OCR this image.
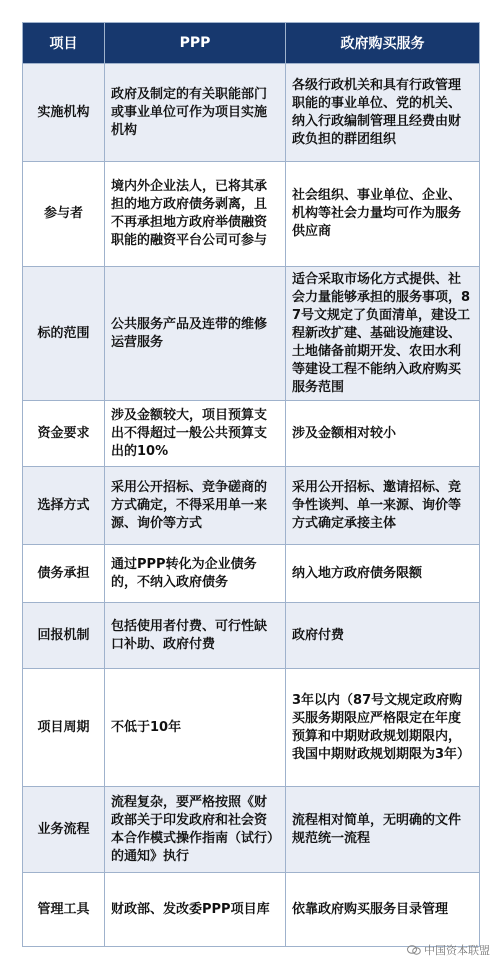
项目	PPP	政府购买服务
实施机构	政府及制定的有关职能部门或事业单位可作为项目实施机构	各级行政机关和具有行政管理职能的事业单位、党的机关、纳入行政编制管理且经费由财政负担的群团组织
参与者	境内外企业法人，已将其承担的地方政府债务剥离，且不再承担地方政府举债融资职能的融资平台公司可参与	社会组织、事业单位、企业、机构等社会力量均可作为服务供应商
标的范围	公共服务产品及连带的维修运营服务	适合采取市场化方式提供、社会力量能够承担的服务事项，87号文规定了负面清单，建设工程新改扩建、基础设施建设、土地储备前期开发、农田水利等建设工程不能纳入政府购买服务范围
资金要求	涉及金额较大，项目预算支出不得超过一般公共预算支出的10%	涉及金额相对较小
选择方式	采用公开招标、竞争磋商的方式确定，不得采用单一来源、询价等方式	采用公开招标、邀请招标、竞争性谈判、单一来源、询价等方式确定承接主体
债务承担	通过PPP转化为企业债务的，不纳入政府债务	纳入地方政府债务限额
回报机制	包括使用者付费、可行性缺口补助、政府付费	政府付费
项目周期	不低于10年	3年以内（87号文规定政府购买服务期限应严格限定在年度预算和中期财政规划期限内，我国中期财政规划期限为3年）
业务流程	流程复杂，要严格按照《财政部关于印发政府和社会资本合作模式操作指南（试行）的通知》执行	流程相对简单，无明确的文件规范统一流程
管理工具	财政部、发改委PPP项目库	依靠政府购买服务目录管理
中国资本联盟
